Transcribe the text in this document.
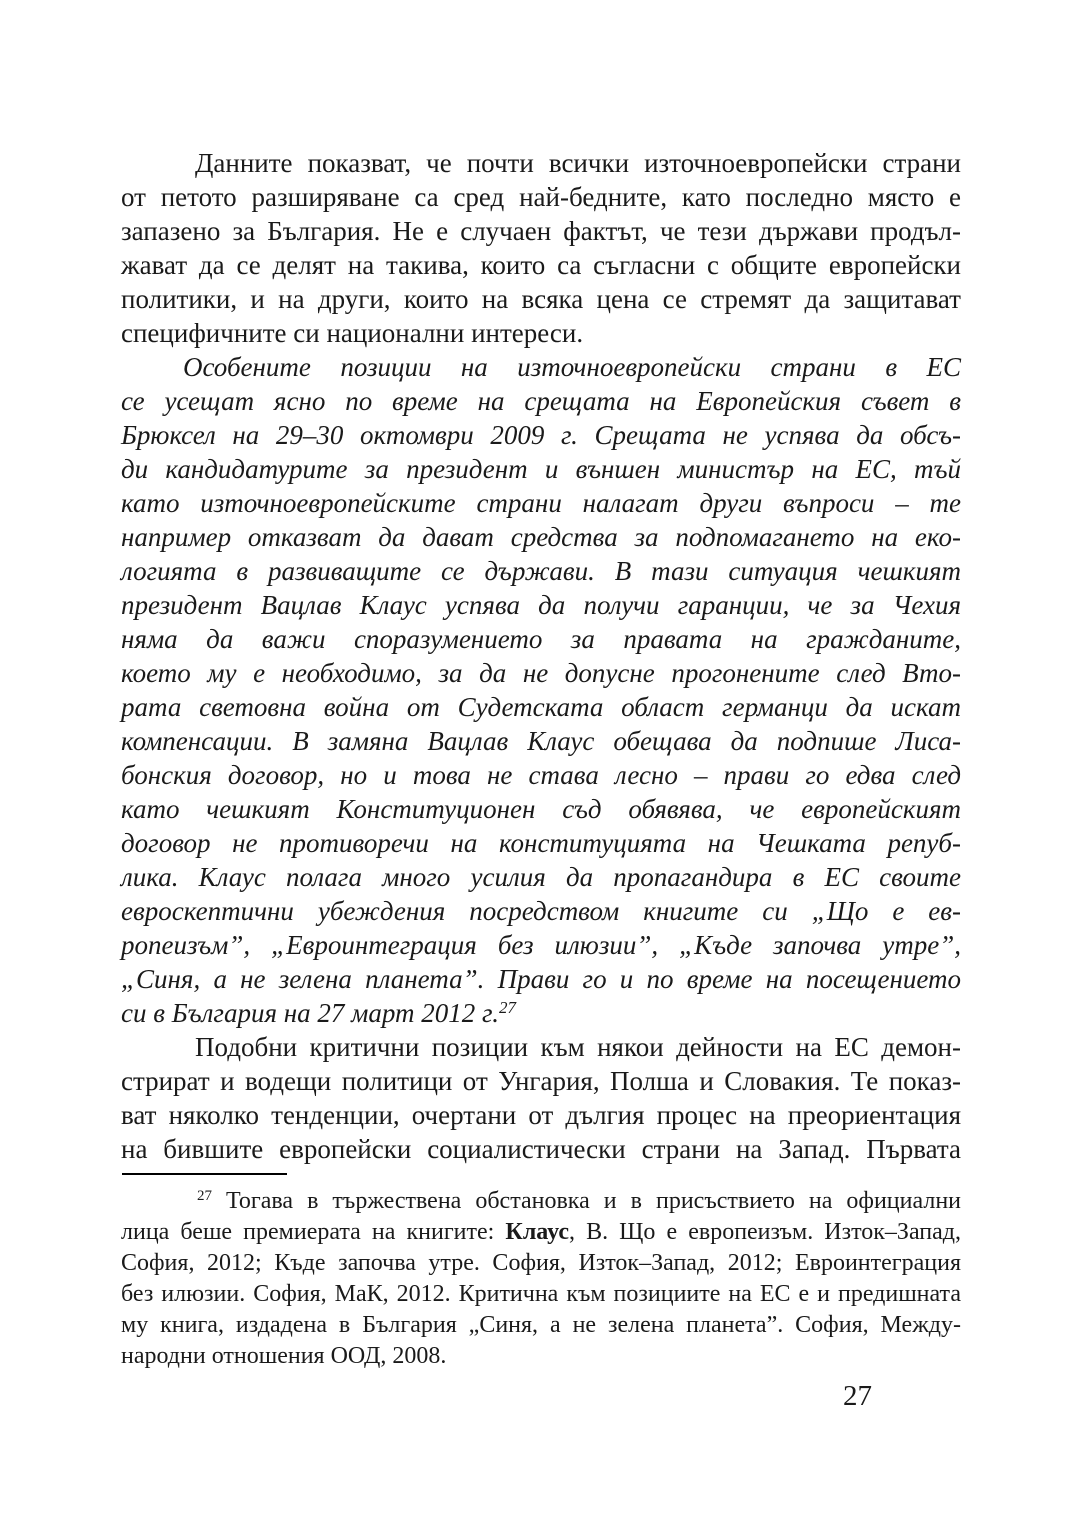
Данните показват, че почти всички източноевропейски страни
от петото разширяване са сред най-бедните, като последно място е
запазено за България. Не е случаен фактът, че тези държави продъл-
жават да се делят на такива, които са съгласни с общите европейски
политики, и на други, които на всяка цена се стремят да защитават
специфичните си национални интереси.
Особените позиции на източноевропейски страни в ЕС
се усещат ясно по време на срещата на Европейския съвет в
Брюксел на 29–30 октомври 2009 г. Срещата не успява да обсъ-
ди кандидатурите за президент и външен министър на ЕС, тъй
като източноевропейските страни налагат други въпроси – те
например отказват да дават средства за подпомагането на еко-
логията в развиващите се държави. В тази ситуация чешкият
президент Вацлав Клаус успява да получи гаранции, че за Чехия
няма да важи споразумението за правата на гражданите,
което му е необходимо, за да не допусне прогонените след Вто-
рата световна война от Судетската област германци да искат
компенсации. В замяна Вацлав Клаус обещава да подпише Лиса-
бонския договор, но и това не става лесно – прави го едва след
като чешкият Конституционен съд обявява, че европейският
договор не противоречи на конституцията на Чешката репуб-
лика. Клаус полага много усилия да пропагандира в ЕС своите
евроскептични убеждения посредством книгите си „Що е ев-
ропеизъм”, „Евроинтеграция без илюзии”, „Къде започва утре”,
„Синя, а не зелена планета”. Прави го и по време на посещението
си в България на 27 март 2012 г.$^{27}$
Подобни критични позиции към някои дейности на ЕС демон-
стрират и водещи политици от Унгария, Полша и Словакия. Те показ-
ват няколко тенденции, очертани от дългия процес на преориентация
на бившите европейски социалистически страни на Запад. Първата
$^{27}$ Тогава в тържествена обстановка и в присъствието на официални
лица беше премиерата на книгите: Клаус, В. Що е европеизъм. Изток–Запад,
София, 2012; Къде започва утре. София, Изток–Запад, 2012; Евроинтеграция
без илюзии. София, МаК, 2012. Критична към позициите на ЕС е и предишната
му книга, издадена в България „Синя, а не зелена планета”. София, Между-
народни отношения ООД, 2008.
27
